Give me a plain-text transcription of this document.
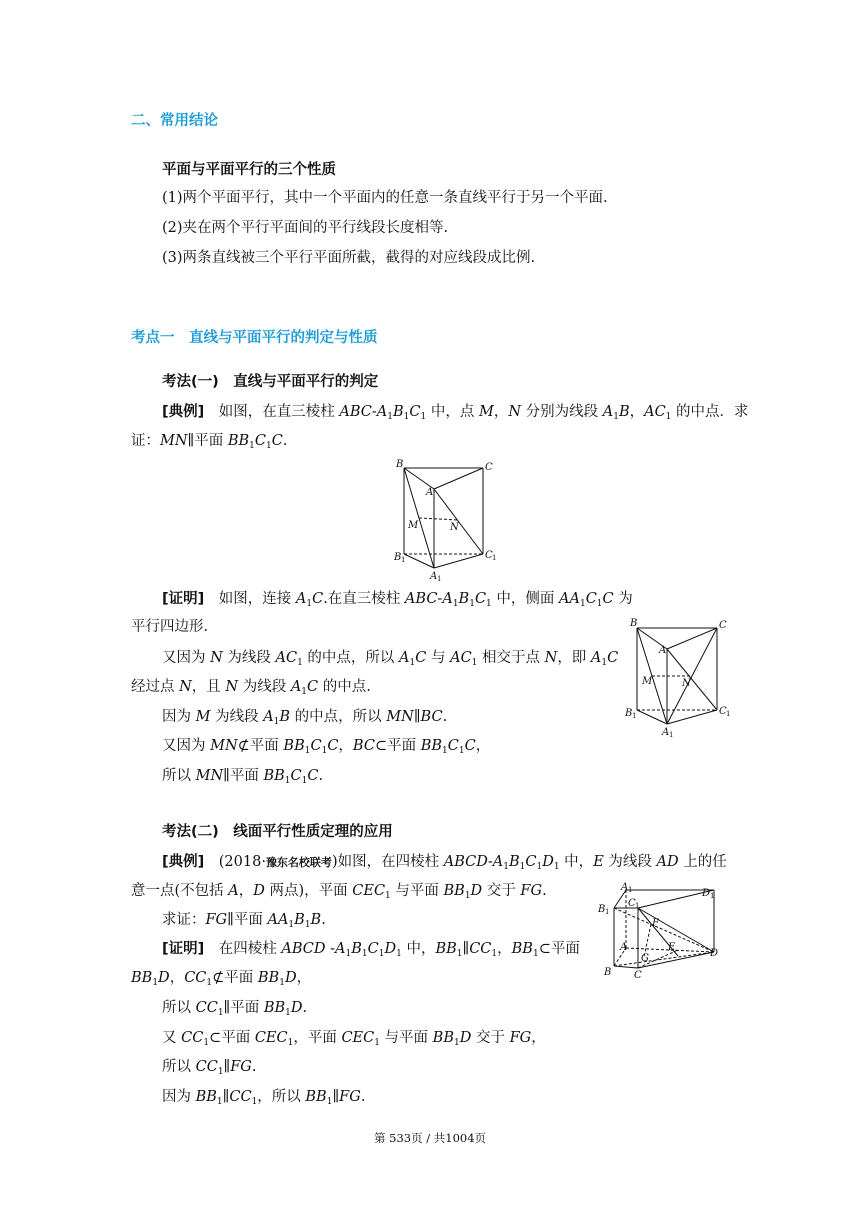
二、常用结论
平面与平面平行的三个性质
(1)两个平面平行，其中一个平面内的任意一条直线平行于另一个平面.
(2)夹在两个平行平面间的平行线段长度相等.
(3)两条直线被三个平行平面所截，截得的对应线段成比例.
考点一　直线与平面平行的判定与性质
考法(一)　直线与平面平行的判定
[典例]　如图，在直三棱柱 ABC-$A_1B_1C_1$ 中，点 M，N 分别为线段 $A_1B$，$AC_1$ 的中点．求
证：MN∥平面 $BB_1C_1C$.
B	C
A
M	N
B 1	C 1
A 1
[证明]　如图，连接 $A_1C$.在直三棱柱 ABC-$A_1B_1C_1$ 中，侧面 $AA_1C_1C$ 为
平行四边形.
又因为 N 为线段 $AC_1$ 的中点，所以 $A_1C$ 与 $AC_1$ 相交于点 N，即 $A_1C$
经过点 N，且 N 为线段 $A_1C$ 的中点.
因为 M 为线段 $A_1B$ 的中点，所以 MN∥BC.
又因为 MN⊄平面 $BB_1C_1C$，BC⊂平面 $BB_1C_1C$，
所以 MN∥平面 $BB_1C_1C$.
B	C
A
M	N
B 1	C 1
A 1
考法(二)　线面平行性质定理的应用
[典例]　 (2018·豫东名校联考)如图，在四棱柱 ABCD-$A_1B_1C_1D_1$ 中，E 为线段 AD 上的任
意一点(不包括 A，D 两点)，平面 $CEC_1$ 与平面 $BB_1D$ 交于 FG.
求证：FG∥平面 $AA_1B_1B$.
A 1	D 1
B 1
C 1
F
A	E
G	D
B C
[证明]　在四棱柱 ABCD $-A_1B_1C_1D_1$ 中，$BB_1\parallel CC_1$，$BB_1\subset$平面
$BB_1D$，$CC_1⊄$平面 $BB_1D$，
所以 $CC_1\parallel$平面 $BB_1D$.
又 $CC_1\subset$平面 $CEC_1$，平面 $CEC_1$ 与平面 $BB_1D$ 交于 FG，
所以 $CC_1\parallel FG$.
因为 $BB_1\parallel CC_1$，所以 $BB_1\parallel FG$.
第 533页 / 共1004页
